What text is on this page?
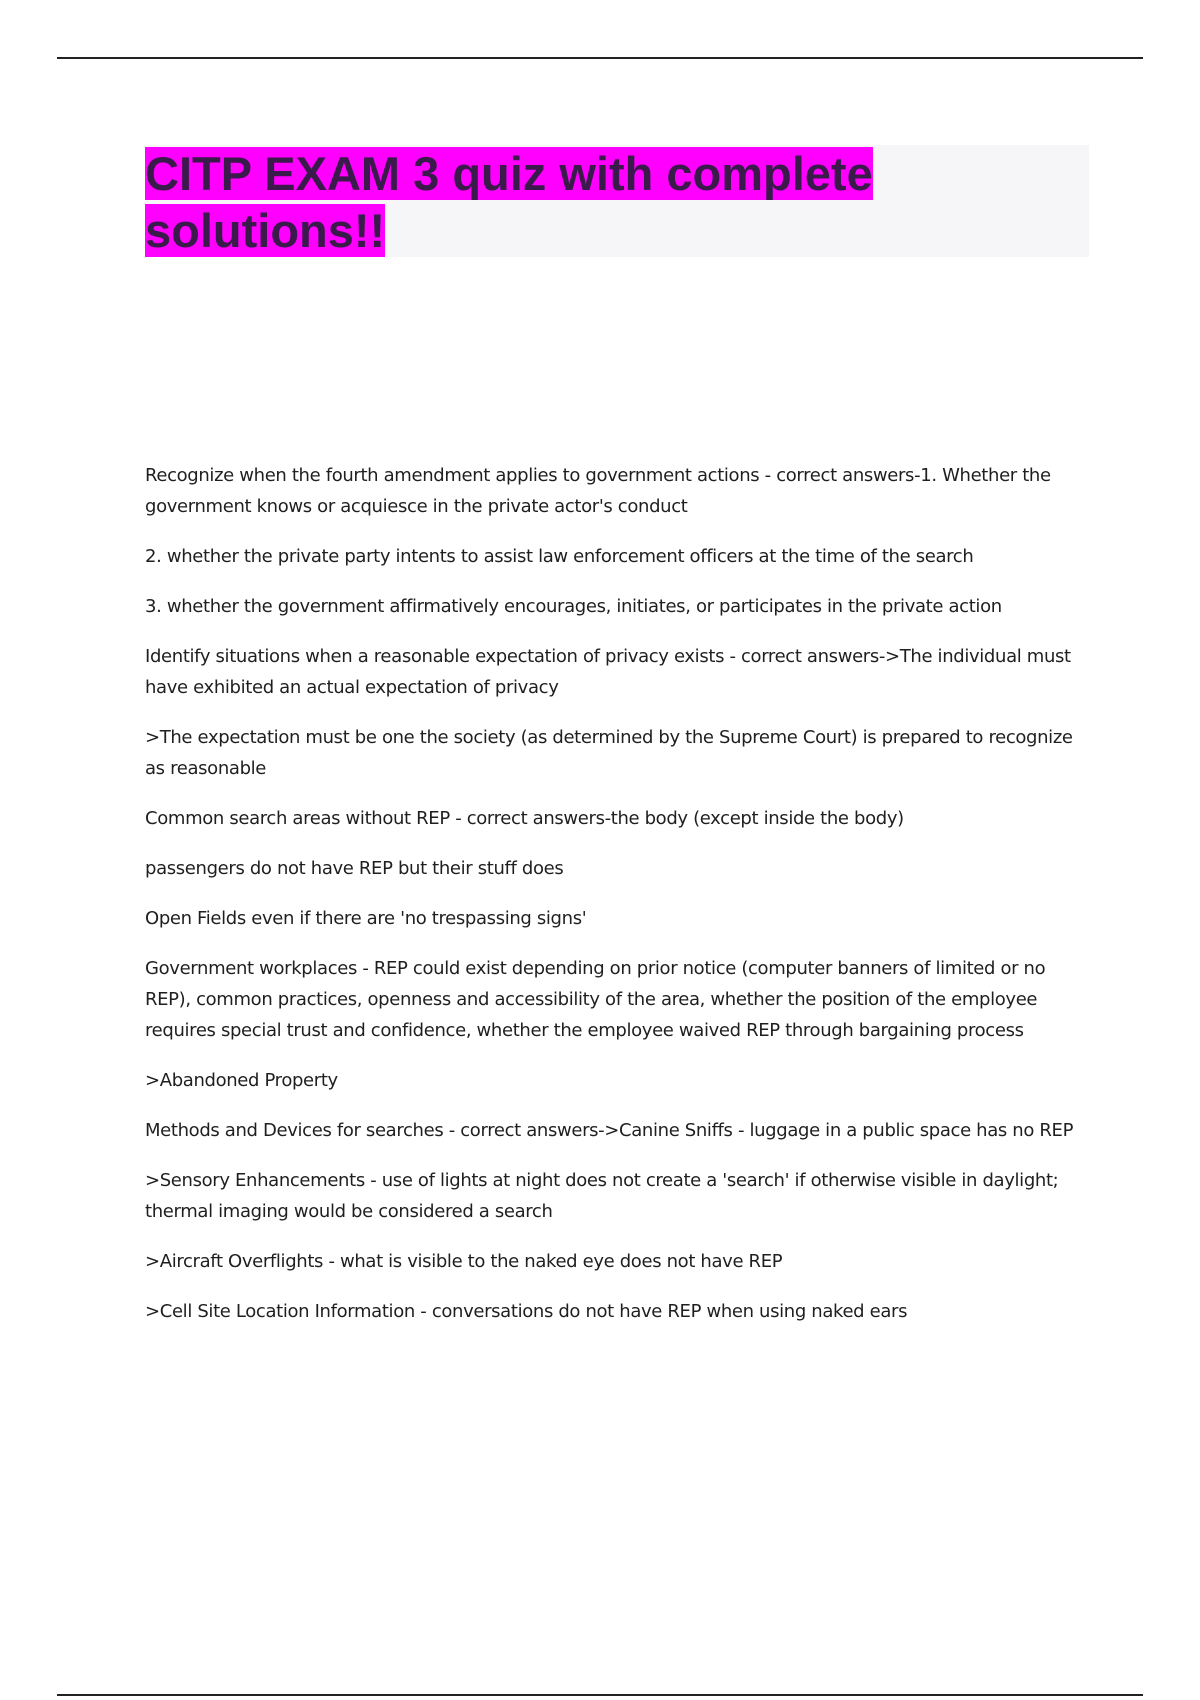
CITP EXAM 3 quiz with complete solutions!!

Recognize when the fourth amendment applies to government actions - correct answers-1. Whether the government knows or acquiesce in the private actor's conduct

2. whether the private party intents to assist law enforcement officers at the time of the search

3. whether the government affirmatively encourages, initiates, or participates in the private action

Identify situations when a reasonable expectation of privacy exists - correct answers->The individual must have exhibited an actual expectation of privacy

>The expectation must be one the society (as determined by the Supreme Court) is prepared to recognize as reasonable

Common search areas without REP - correct answers-the body (except inside the body)

passengers do not have REP but their stuff does

Open Fields even if there are 'no trespassing signs'

Government workplaces - REP could exist depending on prior notice (computer banners of limited or no REP), common practices, openness and accessibility of the area, whether the position of the employee requires special trust and confidence, whether the employee waived REP through bargaining process

>Abandoned Property

Methods and Devices for searches - correct answers->Canine Sniffs - luggage in a public space has no REP

>Sensory Enhancements - use of lights at night does not create a 'search' if otherwise visible in daylight; thermal imaging would be considered a search

>Aircraft Overflights - what is visible to the naked eye does not have REP

>Cell Site Location Information - conversations do not have REP when using naked ears
